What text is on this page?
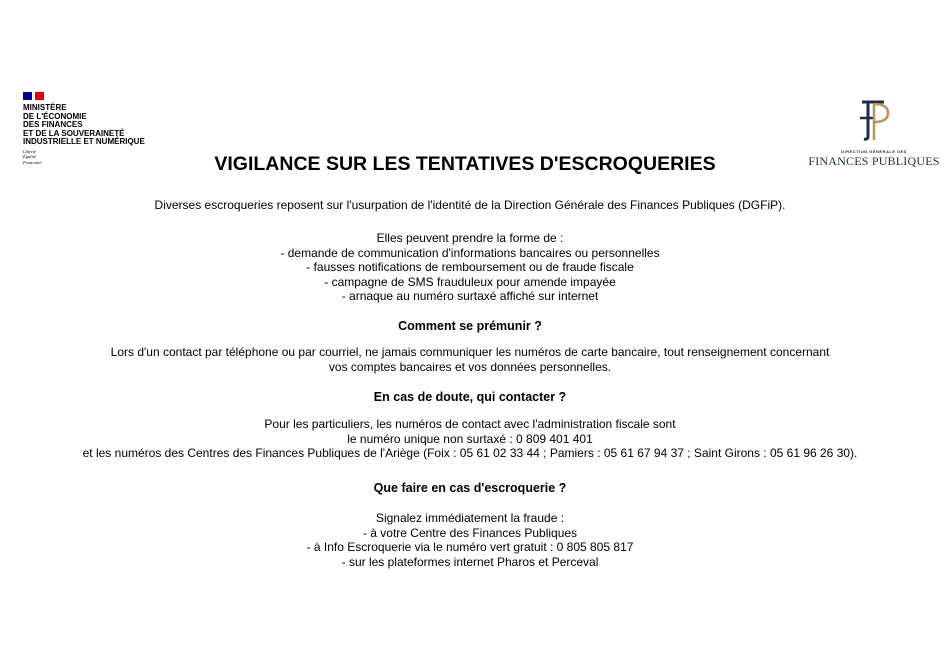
MINISTÈRE
DE L'ÉCONOMIE
DES FINANCES
ET DE LA SOUVERAINETÉ
INDUSTRIELLE ET NUMÉRIQUE
Liberté
Égalité
Fraternité
DIRECTION GÉNÉRALE DES
FINANCES PUBLIQUES
VIGILANCE SUR LES TENTATIVES D'ESCROQUERIES
Diverses escroqueries reposent sur l'usurpation de l'identité de la Direction Générale des Finances Publiques (DGFiP).
Elles peuvent prendre la forme de :
- demande de communication d'informations bancaires ou personnelles
- fausses notifications de remboursement ou de fraude fiscale
- campagne de SMS frauduleux pour amende impayée
- arnaque au numéro surtaxé affiché sur internet
Comment se prémunir ?
Lors d'un contact par téléphone ou par courriel, ne jamais communiquer les numéros de carte bancaire, tout renseignement concernant
vos comptes bancaires et vos données personnelles.
En cas de doute, qui contacter ?
Pour les particuliers, les numéros de contact avec l'administration fiscale sont
le numéro unique non surtaxé : 0 809 401 401
et les numéros des Centres des Finances Publiques de l'Ariège (Foix : 05 61 02 33 44 ; Pamiers : 05 61 67 94 37 ; Saint Girons : 05 61 96 26 30).
Que faire en cas d'escroquerie ?
Signalez immédiatement la fraude :
- à votre Centre des Finances Publiques
- à Info Escroquerie via le numéro vert gratuit : 0 805 805 817
- sur les plateformes internet Pharos et Perceval
